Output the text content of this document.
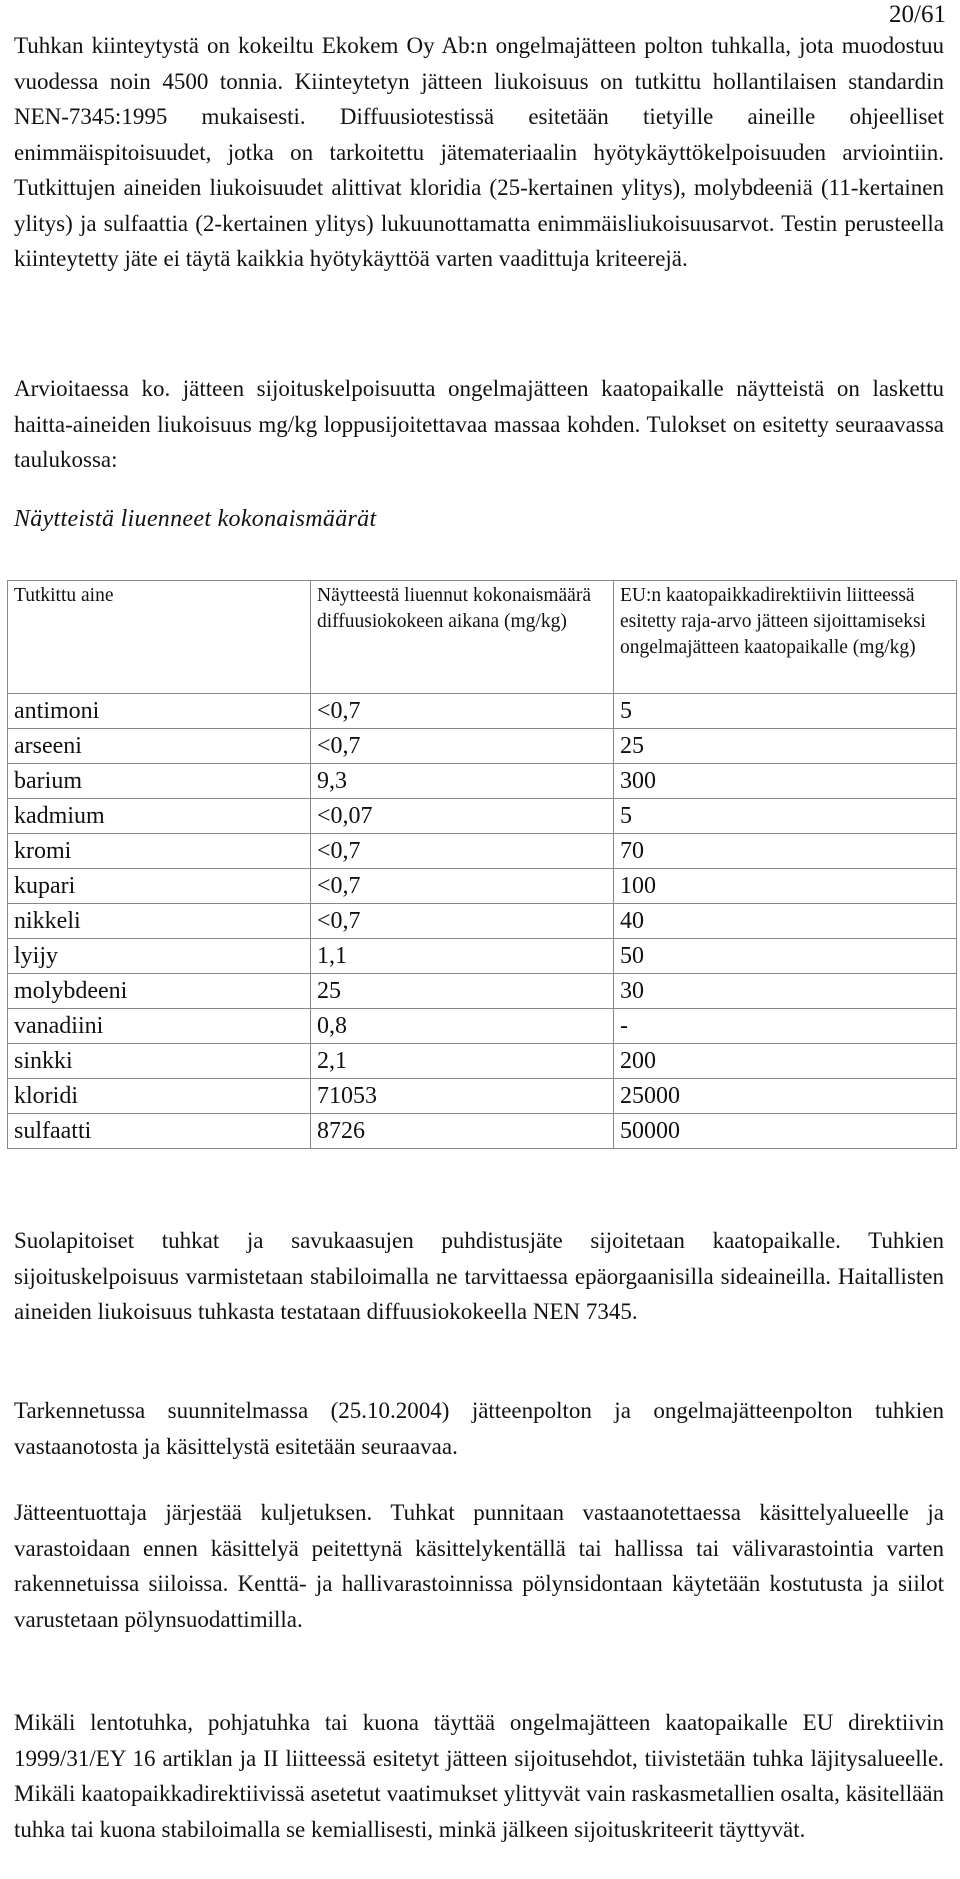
20/61

Tuhkan kiinteytystä on kokeiltu Ekokem Oy Ab:n ongelmajätteen polton tuhkalla, jota muodostuu vuodessa noin 4500 tonnia. Kiinteytetyn jätteen liukoisuus on tutkittu hollantilaisen standardin NEN-7345:1995 mukaisesti. Diffuusiotestissä esitetään tietyille aineille ohjeelliset enimmäispitoisuudet, jotka on tarkoitettu jätemateriaalin hyötykäyttökelpoisuuden arviointiin. Tutkittujen aineiden liukoisuudet alittivat kloridia (25-kertainen ylitys), molybdeeniä (11-kertainen ylitys) ja sulfaattia (2-kertainen ylitys) lukuunottamatta enimmäisliukoisuusarvot. Testin perusteella kiinteytetty jäte ei täytä kaikkia hyötykäyttöä varten vaadittuja kriteerejä.

Arvioitaessa ko. jätteen sijoituskelpoisuutta ongelmajätteen kaatopaikalle näytteistä on laskettu haitta-aineiden liukoisuus mg/kg loppusijoitettavaa massaa kohden. Tulokset on esitetty seuraavassa taulukossa:

Näytteistä liuenneet kokonaismäärät

Tutkittu aine	Näytteestä liuennut kokonaismäärä diffuusiokokeen aikana (mg/kg)	EU:n kaatopaikkadirektiivin liitteessä esitetty raja-arvo jätteen sijoittamiseksi ongelmajätteen kaatopaikalle (mg/kg)
antimoni	<0,7	5
arseeni	<0,7	25
barium	9,3	300
kadmium	<0,07	5
kromi	<0,7	70
kupari	<0,7	100
nikkeli	<0,7	40
lyijy	1,1	50
molybdeeni	25	30
vanadiini	0,8	-
sinkki	2,1	200
kloridi	71053	25000
sulfaatti	8726	50000

Suolapitoiset tuhkat ja savukaasujen puhdistusjäte sijoitetaan kaatopaikalle. Tuhkien sijoituskelpoisuus varmistetaan stabiloimalla ne tarvittaessa epäorgaanisilla sideaineilla. Haitallisten aineiden liukoisuus tuhkasta testataan diffuusiokokeella NEN 7345.

Tarkennetussa suunnitelmassa (25.10.2004) jätteenpolton ja ongelmajätteenpolton tuhkien vastaanotosta ja käsittelystä esitetään seuraavaa.

Jätteentuottaja järjestää kuljetuksen. Tuhkat punnitaan vastaanotettaessa käsittelyalueelle ja varastoidaan ennen käsittelyä peitettynä käsittelykentällä tai hallissa tai välivarastointia varten rakennetuissa siiloissa. Kenttä- ja hallivarastoinnissa pölynsidontaan käytetään kostutusta ja siilot varustetaan pölynsuodattimilla.

Mikäli lentotuhka, pohjatuhka tai kuona täyttää ongelmajätteen kaatopaikalle EU direktiivin 1999/31/EY 16 artiklan ja II liitteessä esitetyt jätteen sijoitusehdot, tiivistetään tuhka läjitysalueelle. Mikäli kaatopaikkadirektiivissä asetetut vaatimukset ylittyvät vain raskasmetallien osalta, käsitellään tuhka tai kuona stabiloimalla se kemiallisesti, minkä jälkeen sijoituskriteerit täyttyvät.
